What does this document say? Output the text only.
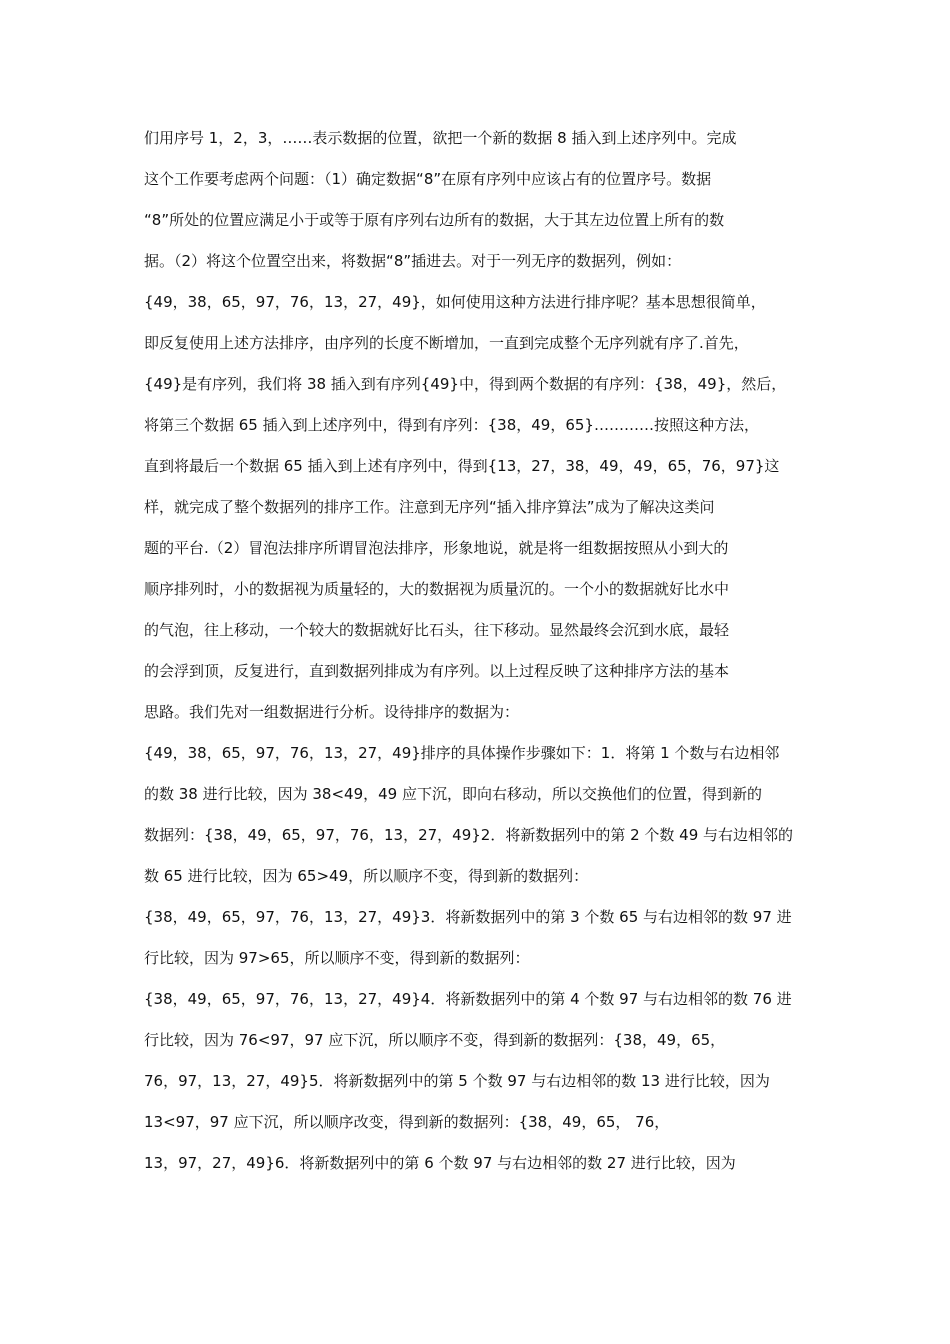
们用序号 1，2，3，……表示数据的位置，欲把一个新的数据 8 插入到上述序列中。完成
这个工作要考虑两个问题：（1）确定数据“8”在原有序列中应该占有的位置序号。数据
“8”所处的位置应满足小于或等于原有序列右边所有的数据，大于其左边位置上所有的数
据。（2）将这个位置空出来，将数据“8”插进去。对于一列无序的数据列，例如：
{49，38，65，97，76，13，27，49}，如何使用这种方法进行排序呢？基本思想很简单，
即反复使用上述方法排序，由序列的长度不断增加，一直到完成整个无序列就有序了.首先，
{49}是有序列，我们将 38 插入到有序列{49}中，得到两个数据的有序列：{38，49}，然后，
将第三个数据 65 插入到上述序列中，得到有序列：{38，49，65}…………按照这种方法，
直到将最后一个数据 65 插入到上述有序列中，得到{13，27，38，49，49，65，76，97}这
样，就完成了整个数据列的排序工作。注意到无序列“插入排序算法”成为了解决这类问
题的平台.（2）冒泡法排序所谓冒泡法排序，形象地说，就是将一组数据按照从小到大的
顺序排列时，小的数据视为质量轻的，大的数据视为质量沉的。一个小的数据就好比水中
的气泡，往上移动，一个较大的数据就好比石头，往下移动。显然最终会沉到水底，最轻
的会浮到顶，反复进行，直到数据列排成为有序列。以上过程反映了这种排序方法的基本
思路。我们先对一组数据进行分析。设待排序的数据为：
{49，38，65，97，76，13，27，49}排序的具体操作步骤如下：1．将第 1 个数与右边相邻
的数 38 进行比较，因为 38<49，49 应下沉，即向右移动，所以交换他们的位置，得到新的
数据列：{38，49，65，97，76，13，27，49}2．将新数据列中的第 2 个数 49 与右边相邻的
数 65 进行比较，因为 65>49，所以顺序不变，得到新的数据列：
{38，49，65，97，76，13，27，49}3．将新数据列中的第 3 个数 65 与右边相邻的数 97 进
行比较，因为 97>65，所以顺序不变，得到新的数据列：
{38，49，65，97，76，13，27，49}4．将新数据列中的第 4 个数 97 与右边相邻的数 76 进
行比较，因为 76<97，97 应下沉，所以顺序不变，得到新的数据列：{38，49，65，
76，97，13，27，49}5．将新数据列中的第 5 个数 97 与右边相邻的数 13 进行比较，因为
13<97，97 应下沉，所以顺序改变，得到新的数据列：{38，49，65， 76，
13，97，27，49}6．将新数据列中的第 6 个数 97 与右边相邻的数 27 进行比较，因为
